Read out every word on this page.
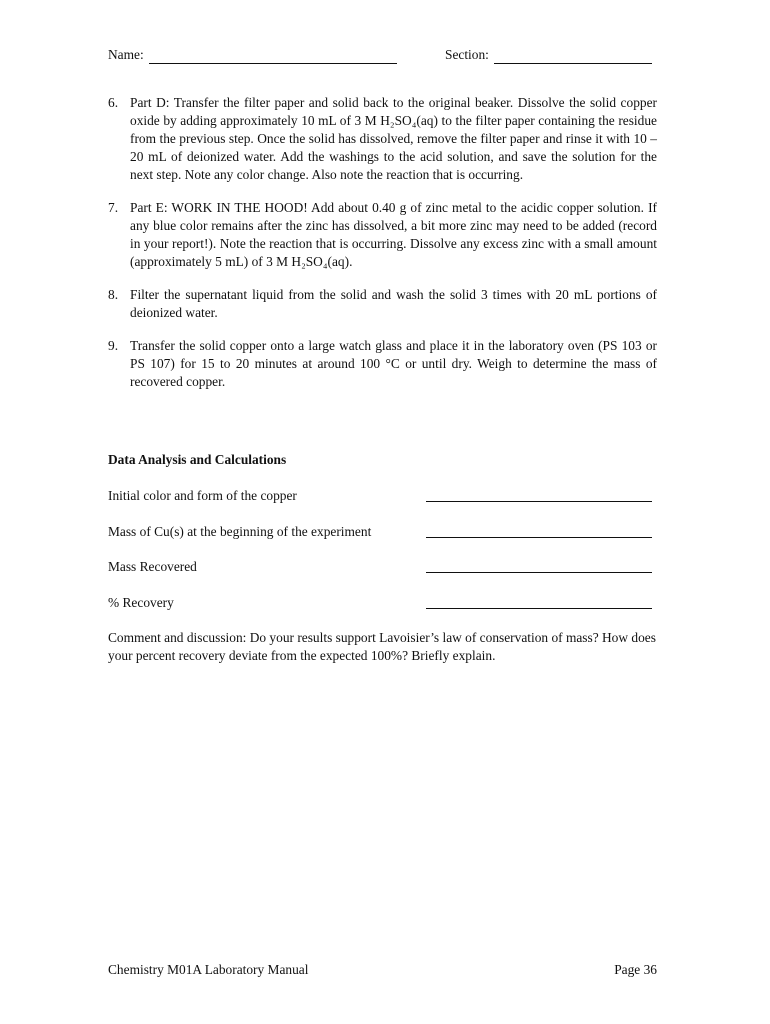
Name:	Section:
6. Part D: Transfer the filter paper and solid back to the original beaker. Dissolve the solid copper oxide by adding approximately 10 mL of 3 M H₂SO₄(aq) to the filter paper containing the residue from the previous step. Once the solid has dissolved, remove the filter paper and rinse it with 10 – 20 mL of deionized water. Add the washings to the acid solution, and save the solution for the next step. Note any color change. Also note the reaction that is occurring.
7. Part E: WORK IN THE HOOD! Add about 0.40 g of zinc metal to the acidic copper solution. If any blue color remains after the zinc has dissolved, a bit more zinc may need to be added (record in your report!). Note the reaction that is occurring. Dissolve any excess zinc with a small amount (approximately 5 mL) of 3 M H₂SO₄(aq).
8. Filter the supernatant liquid from the solid and wash the solid 3 times with 20 mL portions of deionized water.
9. Transfer the solid copper onto a large watch glass and place it in the laboratory oven (PS 103 or PS 107) for 15 to 20 minutes at around 100 °C or until dry. Weigh to determine the mass of recovered copper.
Data Analysis and Calculations
Initial color and form of the copper
Mass of Cu(s) at the beginning of the experiment
Mass Recovered
% Recovery
Comment and discussion: Do your results support Lavoisier’s law of conservation of mass? How does your percent recovery deviate from the expected 100%? Briefly explain.
Chemistry M01A Laboratory Manual	Page 36
